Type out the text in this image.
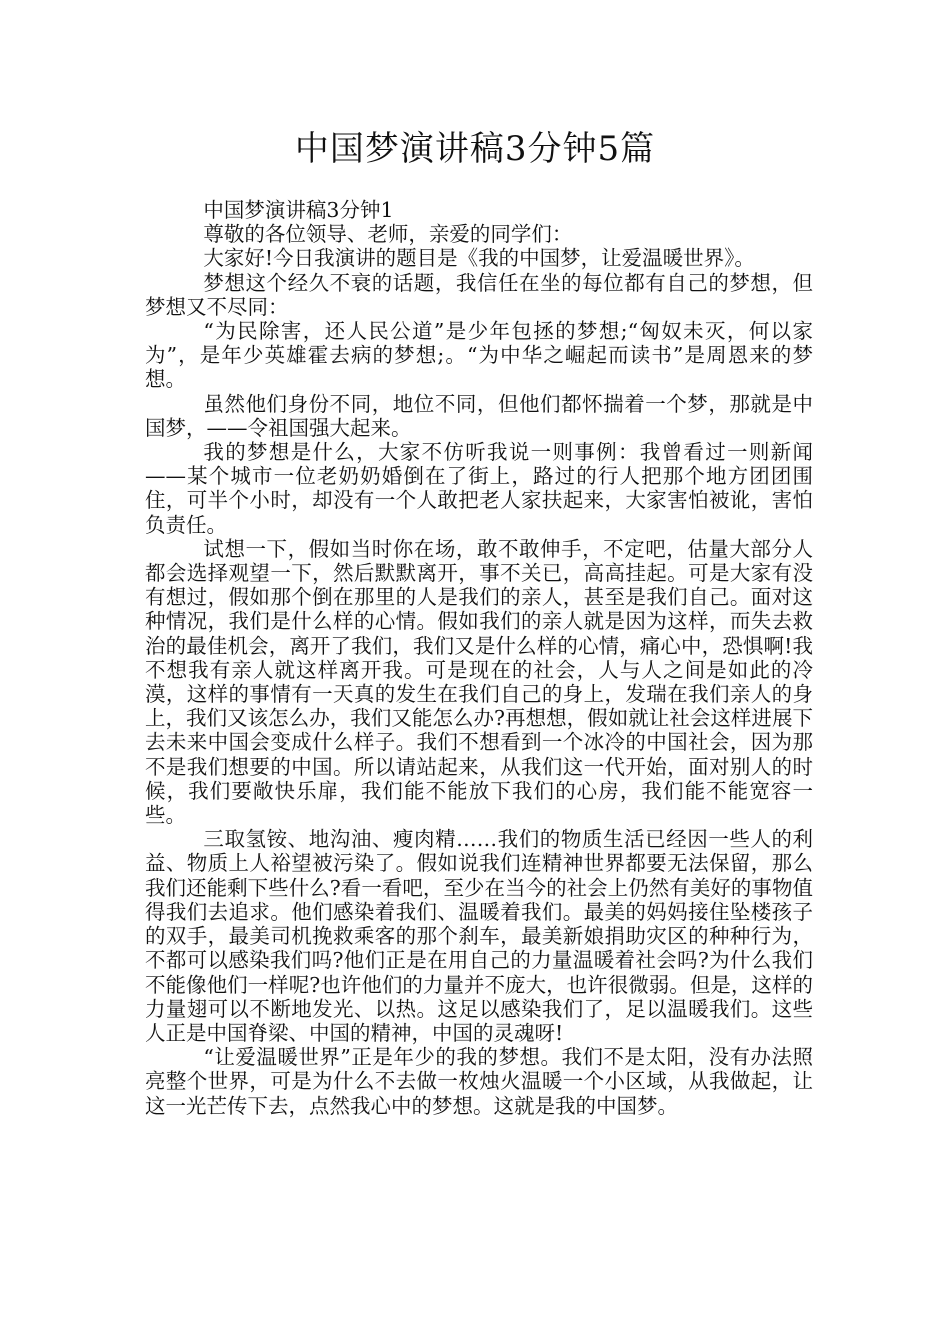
中国梦演讲稿3分钟5篇

中国梦演讲稿3分钟1

尊敬的各位领导、老师，亲爱的同学们：

大家好!今日我演讲的题目是《我的中国梦，让爱温暖世界》。

梦想这个经久不衰的话题，我信任在坐的每位都有自己的梦想，但梦想又不尽同：

“为民除害，还人民公道”是少年包拯的梦想;“匈奴未灭，何以家为”，是年少英雄霍去病的梦想;。“为中华之崛起而读书”是周恩来的梦想。

虽然他们身份不同，地位不同，但他们都怀揣着一个梦，那就是中国梦，——令祖国强大起来。

我的梦想是什么，大家不仿听我说一则事例：我曾看过一则新闻——某个城市一位老奶奶婚倒在了街上，路过的行人把那个地方团团围住，可半个小时，却没有一个人敢把老人家扶起来，大家害怕被讹，害怕负责任。

试想一下，假如当时你在场，敢不敢伸手，不定吧，估量大部分人都会选择观望一下，然后默默离开，事不关已，高高挂起。可是大家有没有想过，假如那个倒在那里的人是我们的亲人，甚至是我们自己。面对这种情况，我们是什么样的心情。假如我们的亲人就是因为这样，而失去救治的最佳机会，离开了我们，我们又是什么样的心情，痛心中，恐惧啊!我不想我有亲人就这样离开我。可是现在的社会，人与人之间是如此的冷漠，这样的事情有一天真的发生在我们自己的身上，发瑞在我们亲人的身上，我们又该怎么办，我们又能怎么办?再想想，假如就让社会这样进展下去未来中国会变成什么样子。我们不想看到一个冰冷的中国社会，因为那不是我们想要的中国。所以请站起来，从我们这一代开始，面对别人的时候，我们要敞快乐扉，我们能不能放下我们的心房，我们能不能宽容一些。

三取氢铵、地沟油、瘦肉精……我们的物质生活已经因一些人的利益、物质上人裕望被污染了。假如说我们连精神世界都要无法保留，那么我们还能剩下些什么?看一看吧，至少在当今的社会上仍然有美好的事物值得我们去追求。他们感染着我们、温暖着我们。最美的妈妈接住坠楼孩子的双手，最美司机挽救乘客的那个刹车，最美新娘捐助灾区的种种行为，不都可以感染我们吗?他们正是在用自己的力量温暖着社会吗?为什么我们不能像他们一样呢?也许他们的力量并不庞大，也许很微弱。但是，这样的力量翅可以不断地发光、以热。这足以感染我们了，足以温暖我们。这些人正是中国脊梁、中国的精神，中国的灵魂呀!

“让爱温暖世界”正是年少的我的梦想。我们不是太阳，没有办法照亮整个世界，可是为什么不去做一枚烛火温暖一个小区域，从我做起，让这一光芒传下去，点然我心中的梦想。这就是我的中国梦。
